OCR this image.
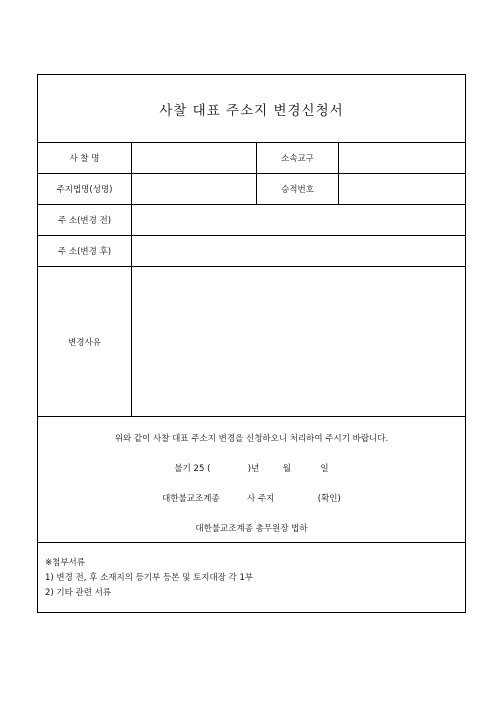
사찰 대표 주소지 변경신청서
사 찰 명	소속교구
주지법명(성명)	승적번호
주 소(변경 전)
주 소(변경 후)
변경사유
위와 같이 사찰 대표 주소지 변경을 신청하오니 처리하여 주시기 바랍니다.
불기 25 (	)년	월	일
대한불교조계종	사 주지	(확인)
대한불교조계종 총무원장 법하
※첨부서류
1) 변경 전, 후 소재지의 등기부 등본 및 토지대장 각 1부
2) 기타 관련 서류
